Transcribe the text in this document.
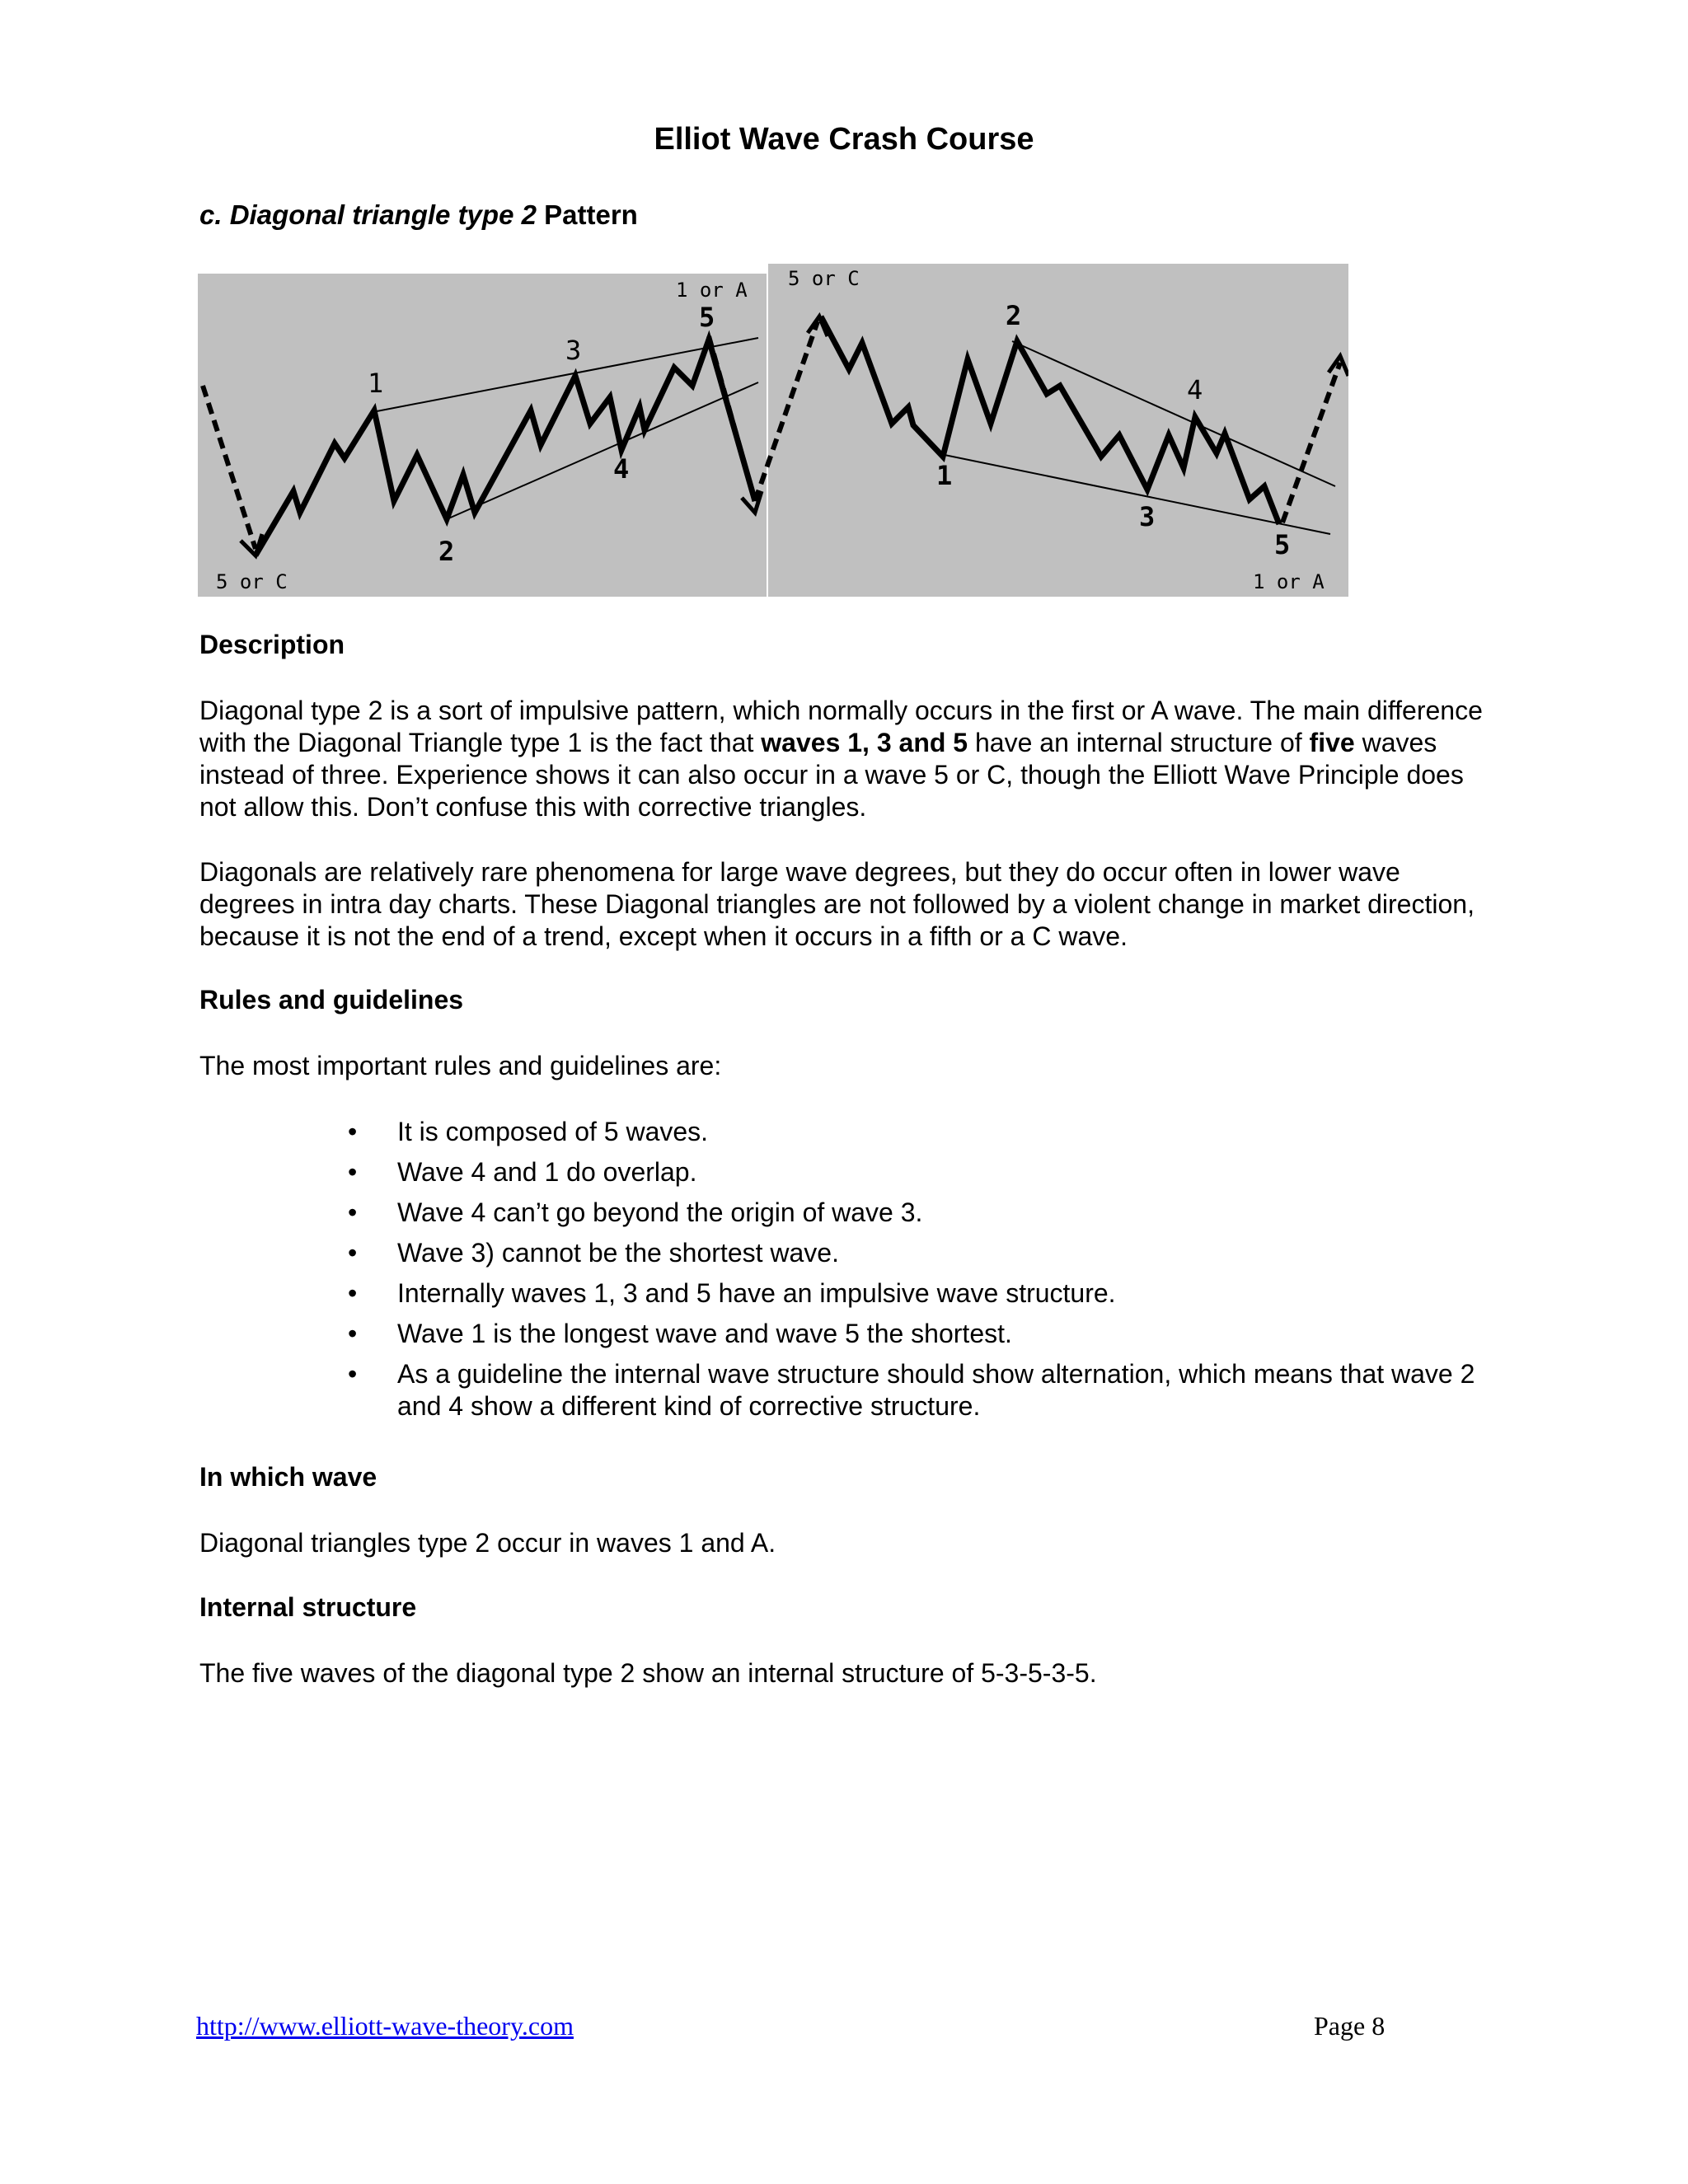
Elliot Wave Crash Course
c. Diagonal triangle type 2 Pattern
5 or C
1 or A
1
2
3
4
5
5 or C
1 or A
1
2
3
4
5
Description
Diagonal type 2 is a sort of impulsive pattern, which normally occurs in the first or A wave. The main difference with the Diagonal Triangle type 1 is the fact that waves 1, 3 and 5 have an internal structure of five waves instead of three. Experience shows it can also occur in a wave 5 or C, though the Elliott Wave Principle does not allow this. Don’t confuse this with corrective triangles.
Diagonals are relatively rare phenomena for large wave degrees, but they do occur often in lower wave degrees in intra day charts. These Diagonal triangles are not followed by a violent change in market direction, because it is not the end of a trend, except when it occurs in a fifth or a C wave.
Rules and guidelines
The most important rules and guidelines are:
• It is composed of 5 waves.
• Wave 4 and 1 do overlap.
• Wave 4 can’t go beyond the origin of wave 3.
• Wave 3) cannot be the shortest wave.
• Internally waves 1, 3 and 5 have an impulsive wave structure.
• Wave 1 is the longest wave and wave 5 the shortest.
• As a guideline the internal wave structure should show alternation, which means that wave 2 and 4 show a different kind of corrective structure.
In which wave
Diagonal triangles type 2 occur in waves 1 and A.
Internal structure
The five waves of the diagonal type 2 show an internal structure of 5-3-5-3-5.
http://www.elliott-wave-theory.com	Page 8
